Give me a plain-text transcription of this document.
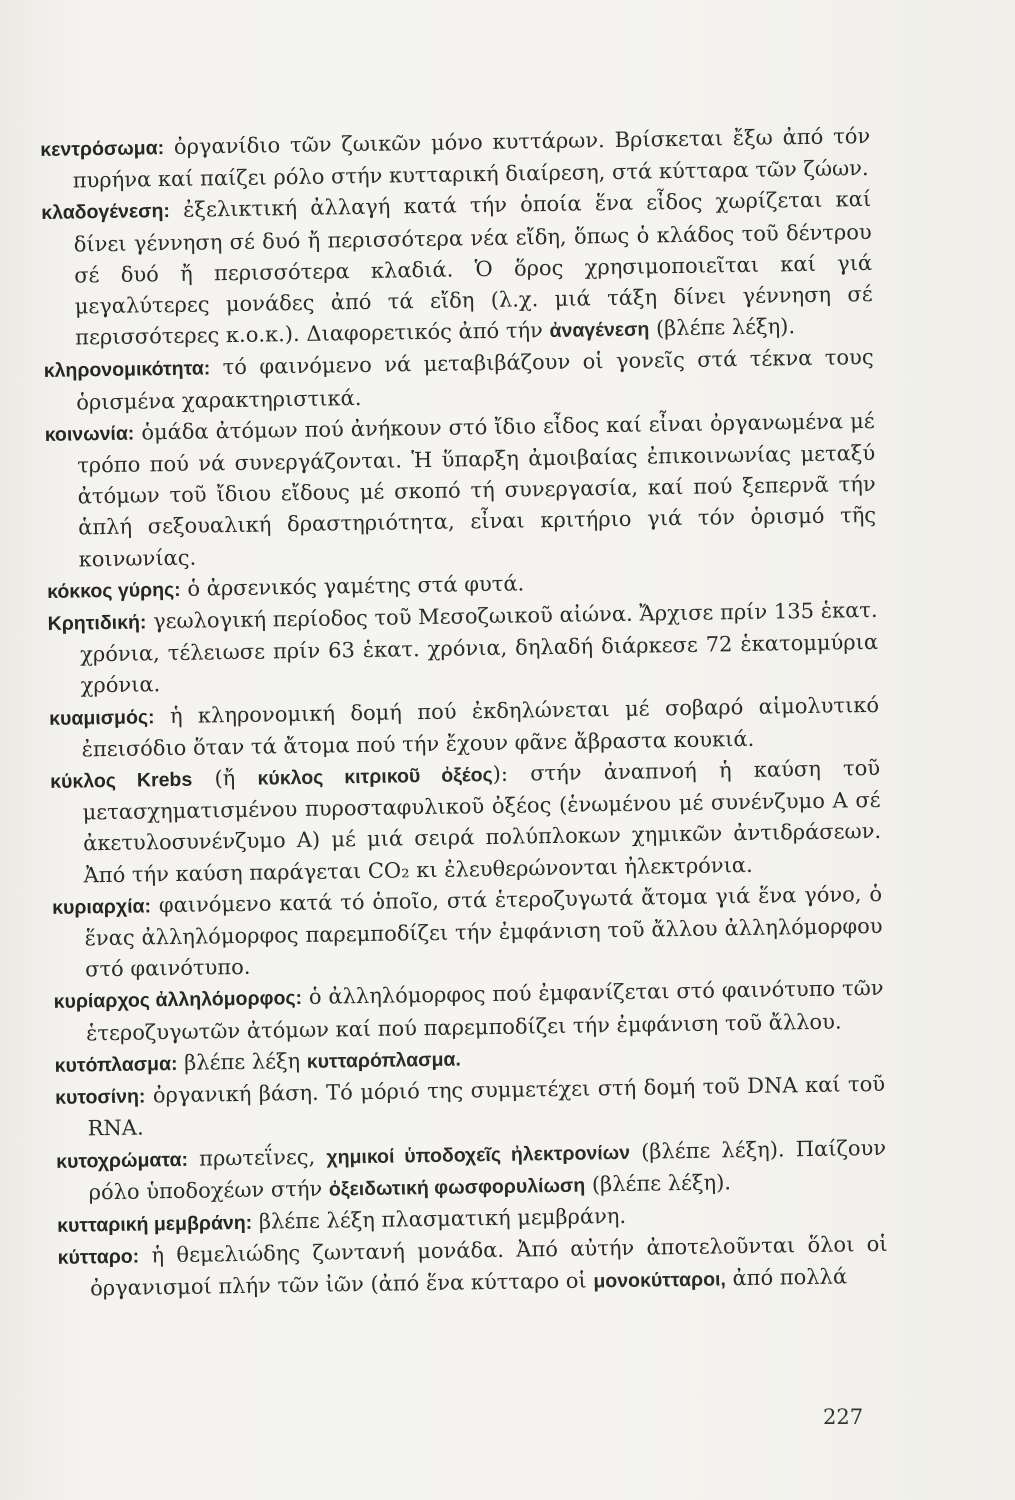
κεντρόσωμα: ὀργανίδιο τῶν ζωικῶν μόνο κυττάρων. Βρίσκεται ἔξω ἀπό τόν πυρήνα καί παίζει ρόλο στήν κυτταρική διαίρεση, στά κύτταρα τῶν ζώων.

κλαδογένεση: ἐξελικτική ἀλλαγή κατά τήν ὁποία ἕνα εἶδος χωρίζεται καί δίνει γέννηση σέ δυό ἤ περισσότερα νέα εἴδη, ὅπως ὁ κλάδος τοῦ δέντρου σέ δυό ἤ περισσότερα κλαδιά. Ὁ ὅρος χρησιμοποιεῖται καί γιά μεγαλύτερες μονάδες ἀπό τά εἴδη (λ.χ. μιά τάξη δίνει γέννηση σέ περισσότερες κ.ο.κ.). Διαφορετικός ἀπό τήν ἀναγένεση (βλέπε λέξη).

κληρονομικότητα: τό φαινόμενο νά μεταβιβάζουν οἱ γονεῖς στά τέκνα τους ὁρισμένα χαρακτηριστικά.

κοινωνία: ὁμάδα ἀτόμων πού ἀνήκουν στό ἴδιο εἶδος καί εἶναι ὀργανωμένα μέ τρόπο πού νά συνεργάζονται. Ἡ ὕπαρξη ἀμοιβαίας ἐπικοινωνίας μεταξύ ἀτόμων τοῦ ἴδιου εἴδους μέ σκοπό τή συνεργασία, καί πού ξεπερνᾶ τήν ἁπλή σεξουαλική δραστηριότητα, εἶναι κριτήριο γιά τόν ὁρισμό τῆς κοινωνίας.

κόκκος γύρης: ὁ ἀρσενικός γαμέτης στά φυτά.

Κρητιδική: γεωλογική περίοδος τοῦ Μεσοζωικοῦ αἰώνα. Ἄρχισε πρίν 135 ἑκατ. χρόνια, τέλειωσε πρίν 63 ἑκατ. χρόνια, δηλαδή διάρκεσε 72 ἑκατομμύρια χρόνια.

κυαμισμός: ἡ κληρονομική δομή πού ἐκδηλώνεται μέ σοβαρό αἱμολυτικό ἐπεισόδιο ὅταν τά ἄτομα πού τήν ἔχουν φᾶνε ἄβραστα κουκιά.

κύκλος Krebs (ἤ κύκλος κιτρικοῦ ὀξέος): στήν ἀναπνοή ἡ καύση τοῦ μετασχηματισμένου πυροσταφυλικοῦ ὀξέος (ἑνωμένου μέ συνένζυμο Α σέ ἀκετυλοσυνένζυμο Α) μέ μιά σειρά πολύπλοκων χημικῶν ἀντιδράσεων. Ἀπό τήν καύση παράγεται CO₂ κι ἐλευθερώνονται ἠλεκτρόνια.

κυριαρχία: φαινόμενο κατά τό ὁποῖο, στά ἑτεροζυγωτά ἄτομα γιά ἕνα γόνο, ὁ ἕνας ἀλληλόμορφος παρεμποδίζει τήν ἐμφάνιση τοῦ ἄλλου ἀλληλόμορφου στό φαινότυπο.

κυρίαρχος ἀλληλόμορφος: ὁ ἀλληλόμορφος πού ἐμφανίζεται στό φαινότυπο τῶν ἑτεροζυγωτῶν ἀτόμων καί πού παρεμποδίζει τήν ἐμφάνιση τοῦ ἄλλου.

κυτόπλασμα: βλέπε λέξη κυτταρόπλασμα.

κυτοσίνη: ὀργανική βάση. Τό μόριό της συμμετέχει στή δομή τοῦ DNA καί τοῦ RNA.

κυτοχρώματα: πρωτεΐνες, χημικοί ὑποδοχεῖς ἠλεκτρονίων (βλέπε λέξη). Παίζουν ρόλο ὑποδοχέων στήν ὀξειδωτική φωσφορυλίωση (βλέπε λέξη).

κυτταρική μεμβράνη: βλέπε λέξη πλασματική μεμβράνη.

κύτταρο: ἡ θεμελιώδης ζωντανή μονάδα. Ἀπό αὐτήν ἀποτελοῦνται ὅλοι οἱ ὀργανισμοί πλήν τῶν ἰῶν (ἀπό ἕνα κύτταρο οἱ μονοκύτταροι, ἀπό πολλά

227
